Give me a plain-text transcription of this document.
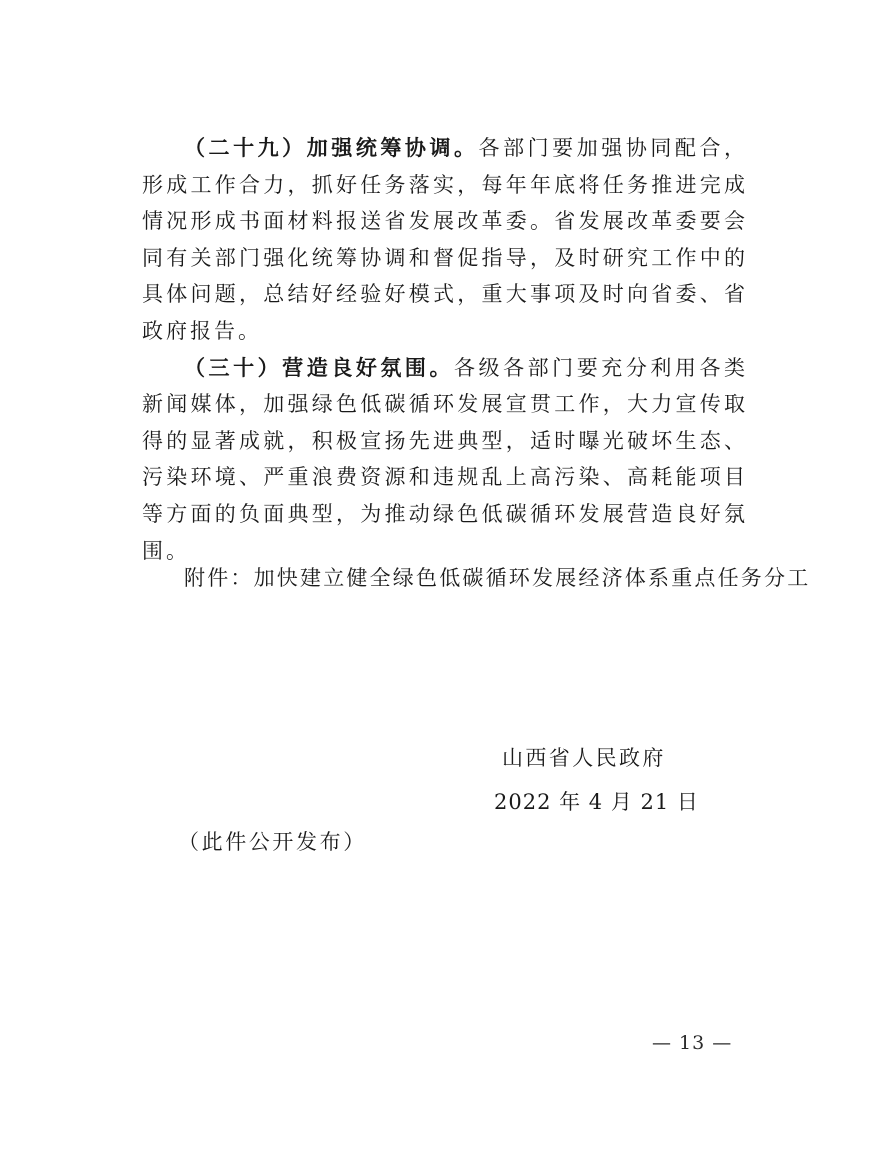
（二十九）加强统筹协调。各部门要加强协同配合，形成工作合力，抓好任务落实，每年年底将任务推进完成情况形成书面材料报送省发展改革委。省发展改革委要会同有关部门强化统筹协调和督促指导，及时研究工作中的具体问题，总结好经验好模式，重大事项及时向省委、省政府报告。

（三十）营造良好氛围。各级各部门要充分利用各类新闻媒体，加强绿色低碳循环发展宣贯工作，大力宣传取得的显著成就，积极宣扬先进典型，适时曝光破坏生态、污染环境、严重浪费资源和违规乱上高污染、高耗能项目等方面的负面典型，为推动绿色低碳循环发展营造良好氛围。

附件：加快建立健全绿色低碳循环发展经济体系重点任务分工
山西省人民政府
2022 年 4 月 21 日
（此件公开发布）
— 13 —
